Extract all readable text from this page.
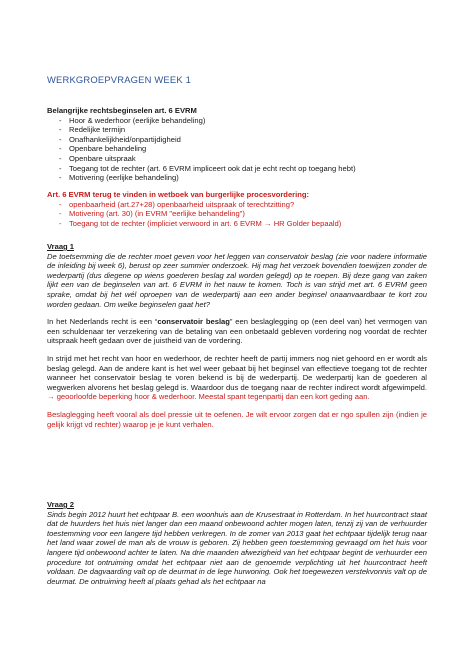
WERKGROEPVRAGEN WEEK 1
Belangrijke rechtsbeginselen art. 6 EVRM
- Hoor & wederhoor (eerlijke behandeling)
- Redelijke termijn
- Onafhankelijkheid/onpartijdigheid
- Openbare behandeling
- Openbare uitspraak
- Toegang tot de rechter (art. 6 EVRM impliceert ook dat je echt recht op toegang hebt)
- Motivering (eerlijke behandeling)
Art. 6 EVRM terug te vinden in wetboek van burgerlijke procesvordering:
- openbaarheid (art.27+28) openbaarheid uitspraak of terechtzitting?
- Motivering (art. 30) (in EVRM "eerlijke behandeling")
- Toegang tot de rechter (impliciet verwoord in art. 6 EVRM → HR Golder bepaald)
Vraag 1

De toetsemming die de rechter moet geven voor het leggen van conservatoir beslag (zie voor nadere informatie de inleiding bij week 6), berust op zeer summier onderzoek. Hij mag het verzoek bovendien toewijzen zonder de wederpartij (dus diegene op wiens goederen beslag zal worden gelegd) op te roepen. Bij deze gang van zaken lijkt een van de beginselen van art. 6 EVRM in het nauw te komen. Toch is van strijd met art. 6 EVRM geen sprake, omdat bij het wél oproepen van de wederpartij aan een ander beginsel onaanvaardbaar te kort zou worden gedaan. Om welke beginselen gaat het?

In het Nederlands recht is een “conservatoir beslag” een beslaglegging op (een deel van) het vermogen van een schuldenaar ter verzekering van de betaling van een onbetaald gebleven vordering nog voordat de rechter uitspraak heeft gedaan over de juistheid van de vordering.

In strijd met het recht van hoor en wederhoor, de rechter heeft de partij immers nog niet gehoord en er wordt als beslag gelegd. Aan de andere kant is het wel weer gebaat bij het beginsel van effectieve toegang tot de rechter wanneer het conservatoir beslag te voren bekend is bij de wederpartij. De wederpartij kan de goederen al wegwerken alvorens het beslag gelegd is. Waardoor dus de toegang naar de rechter indirect wordt afgewimpeld. → geoorloofde beperking hoor & wederhoor. Meestal spant tegenpartij dan een kort geding aan.

Beslaglegging heeft vooral als doel pressie uit te oefenen. Je wilt ervoor zorgen dat er ngo spullen zijn (indien je gelijk krijgt vd rechter) waarop je je kunt verhalen.

Vraag 2

Sinds begin 2012 huurt het echtpaar B. een woonhuis aan de Krusestraat in Rotterdam. In het huurcontract staat dat de huurders het huis niet langer dan een maand onbewoond achter mogen laten, tenzij zij van de verhuurder toestemming voor een langere tijd hebben verkregen. In de zomer van 2013 gaat het echtpaar tijdelijk terug naar het land waar zowel de man als de vrouw is geboren. Zij hebben geen toestemming gevraagd om het huis voor langere tijd onbewoond achter te laten. Na drie maanden afwezigheid van het echtpaar begint de verhuurder een procedure tot ontruiming omdat het echtpaar niet aan de genoemde verplichting uit het huurcontract heeft voldaan. De dagvaarding valt op de deurmat in de lege hurwoning. Ook het toegewezen verstekvonnis valt op de deurmat. De ontruiming heeft al plaats gehad als het echtpaar na
